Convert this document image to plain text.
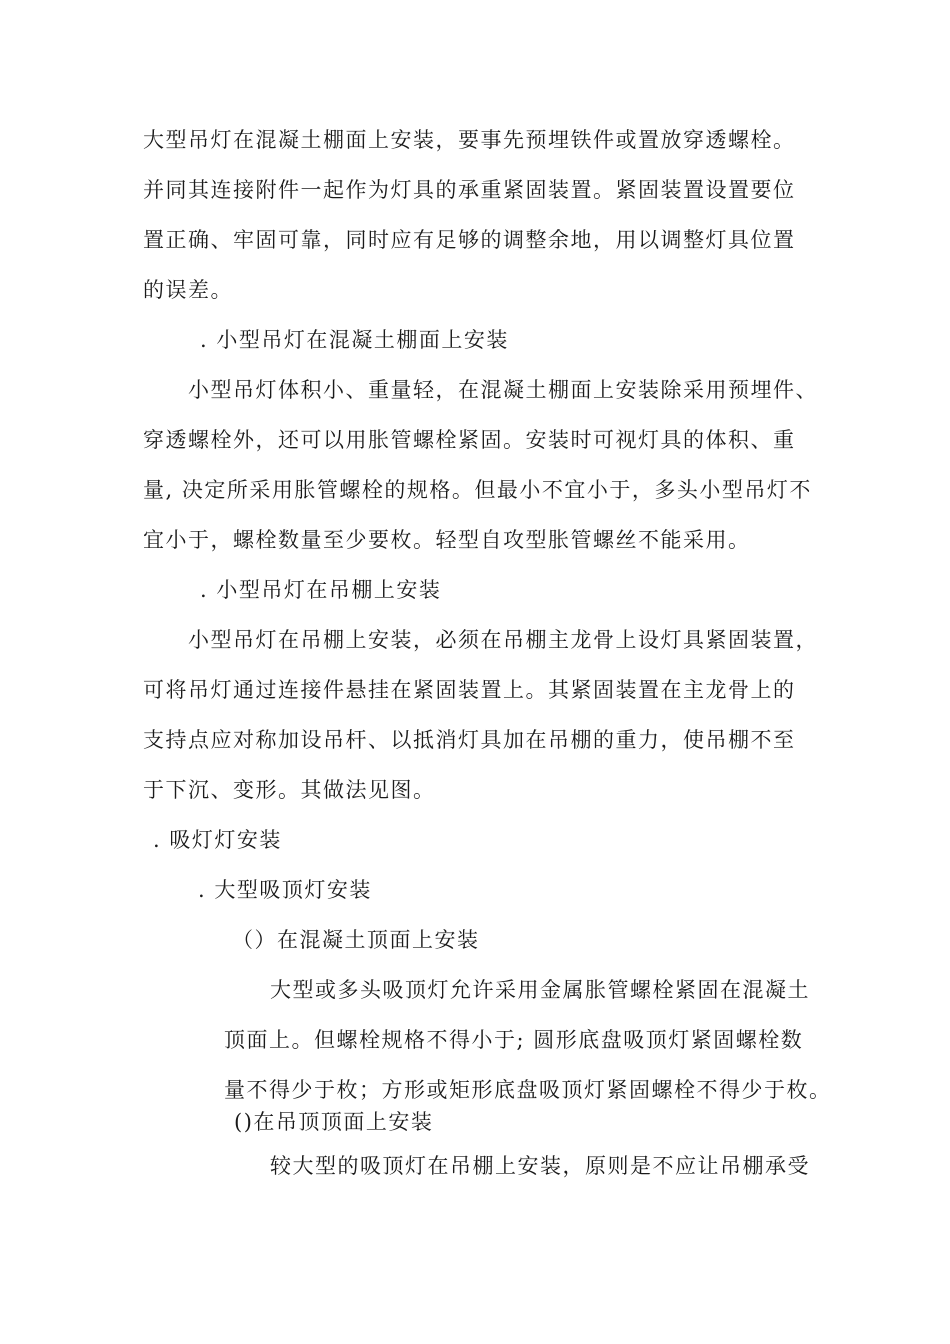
大型吊灯在混凝土棚面上安装，要事先预埋铁件或置放穿透螺栓。

并同其连接附件一起作为灯具的承重紧固装置。紧固装置设置要位

置正确、牢固可靠，同时应有足够的调整余地，用以调整灯具位置

的误差。

. 小型吊灯在混凝土棚面上安装

小型吊灯体积小、重量轻，在混凝土棚面上安装除采用预埋件、

穿透螺栓外，还可以用胀管螺栓紧固。安装时可视灯具的体积、重

量, 决定所采用胀管螺栓的规格。但最小不宜小于，多头小型吊灯不

宜小于，螺栓数量至少要枚。轻型自攻型胀管螺丝不能采用。

. 小型吊灯在吊棚上安装

小型吊灯在吊棚上安装，必须在吊棚主龙骨上设灯具紧固装置，

可将吊灯通过连接件悬挂在紧固装置上。其紧固装置在主龙骨上的

支持点应对称加设吊杆、以抵消灯具加在吊棚的重力，使吊棚不至

于下沉、变形。其做法见图。

. 吸灯灯安装

. 大型吸顶灯安装

（）在混凝土顶面上安装

大型或多头吸顶灯允许采用金属胀管螺栓紧固在混凝土

顶面上。但螺栓规格不得小于; 圆形底盘吸顶灯紧固螺栓数

量不得少于枚；方形或矩形底盘吸顶灯紧固螺栓不得少于枚。

()在吊顶顶面上安装

较大型的吸顶灯在吊棚上安装，原则是不应让吊棚承受
